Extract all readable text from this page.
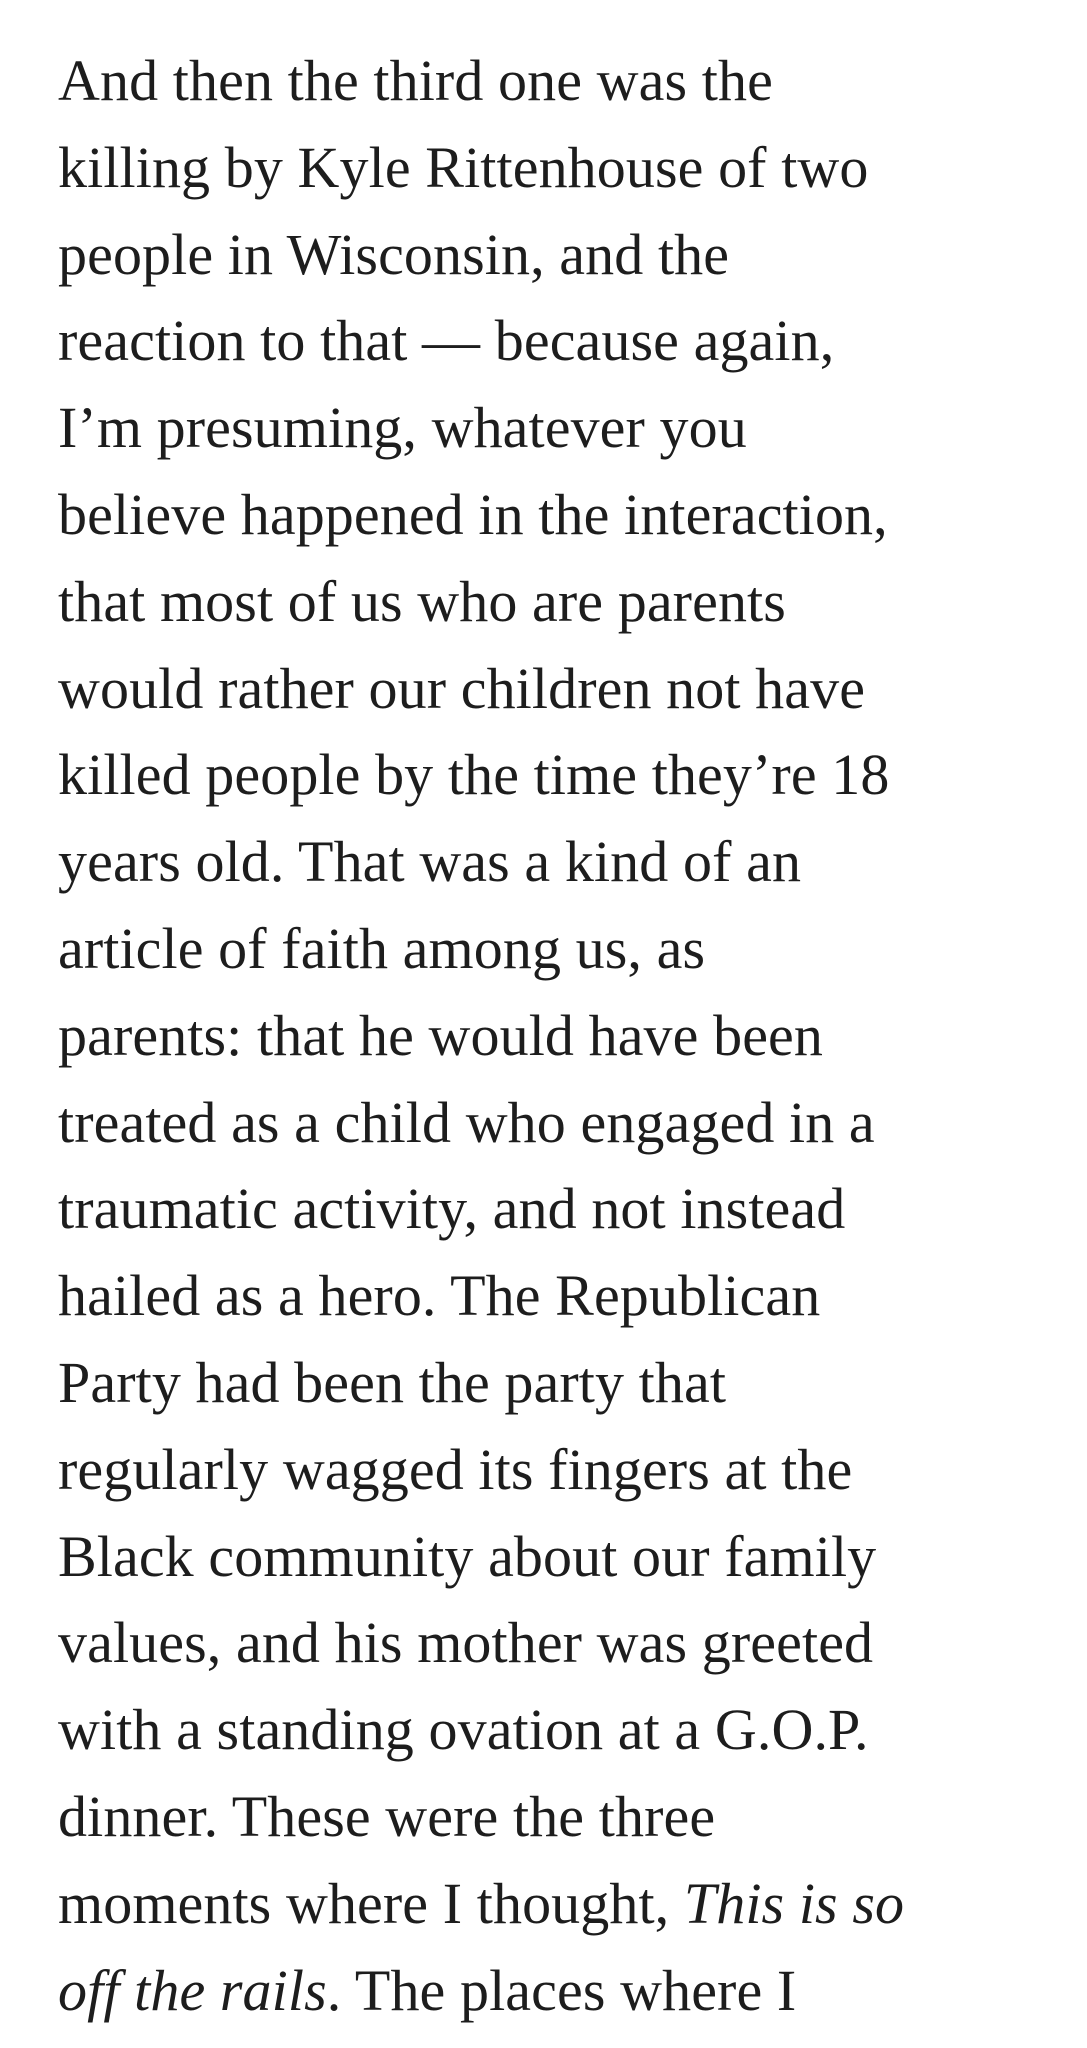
And then the third one was the
killing by Kyle Rittenhouse of two
people in Wisconsin, and the
reaction to that — because again,
I’m presuming, whatever you
believe happened in the interaction,
that most of us who are parents
would rather our children not have
killed people by the time they’re 18
years old. That was a kind of an
article of faith among us, as
parents: that he would have been
treated as a child who engaged in a
traumatic activity, and not instead
hailed as a hero. The Republican
Party had been the party that
regularly wagged its fingers at the
Black community about our family
values, and his mother was greeted
with a standing ovation at a G.O.P.
dinner. These were the three
moments where I thought, This is so
off the rails. The places where I
